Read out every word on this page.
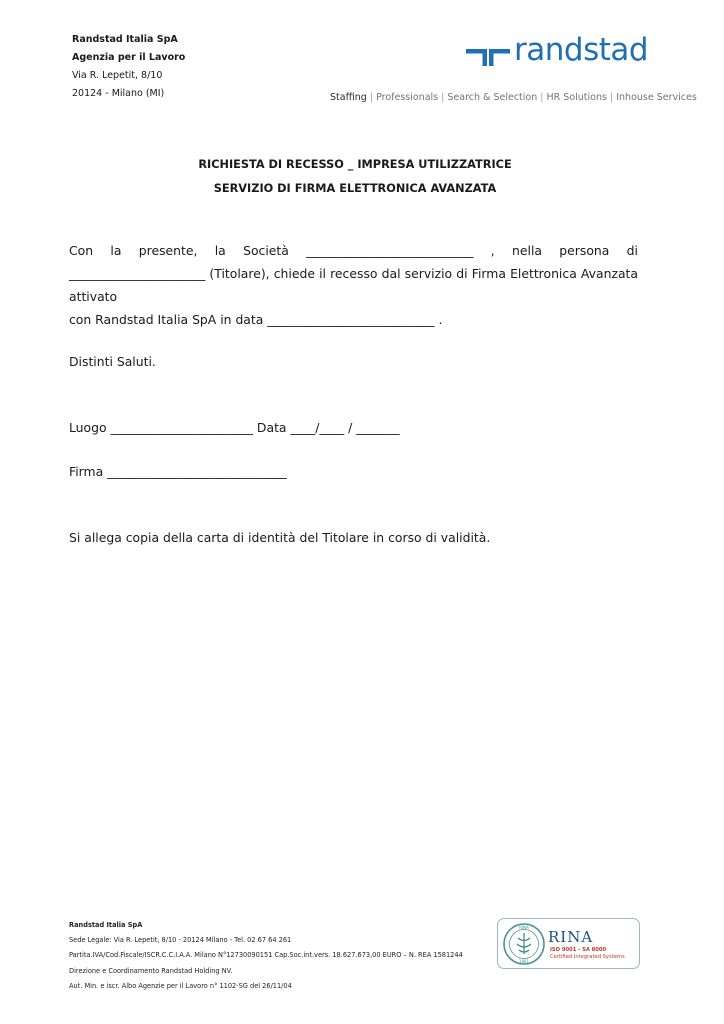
Randstad Italia SpA
Agenzia per il Lavoro
Via R. Lepetit, 8/10
20124 - Milano (MI)
randstad
Staffing | Professionals | Search & Selection | HR Solutions | Inhouse Services
RICHIESTA DI RECESSO _ IMPRESA UTILIZZATRICE
SERVIZIO DI FIRMA ELETTRONICA AVANZATA
Con la presente, la Società ___________________________ , nella persona di
______________________ (Titolare), chiede il recesso dal servizio di Firma Elettronica Avanzata attivato
con Randstad Italia SpA in data ___________________________ .
Distinti Saluti.
Luogo _______________________ Data ____/____ / _______
Firma _____________________________
Si allega copia della carta di identità del Titolare in corso di validità.
Randstad Italia SpA
Sede Legale: Via R. Lepetit, 8/10 - 20124 Milano - Tel. 02 67 64 261
Partita.IVA/Cod.Fiscale/ISCR.C.C.I.A.A. Milano N°12730090151 Cap.Soc.int.vers. 18.627.673,00 EURO – N. REA 1581244
Direzione e Coordinamento Randstad Holding NV.
Aut. Min. e iscr. Albo Agenzie per il Lavoro n° 1102-SG del 26/11/04
RINA
1861
RINA
ISO 9001 - SA 8000
Certified Integrated Systems
